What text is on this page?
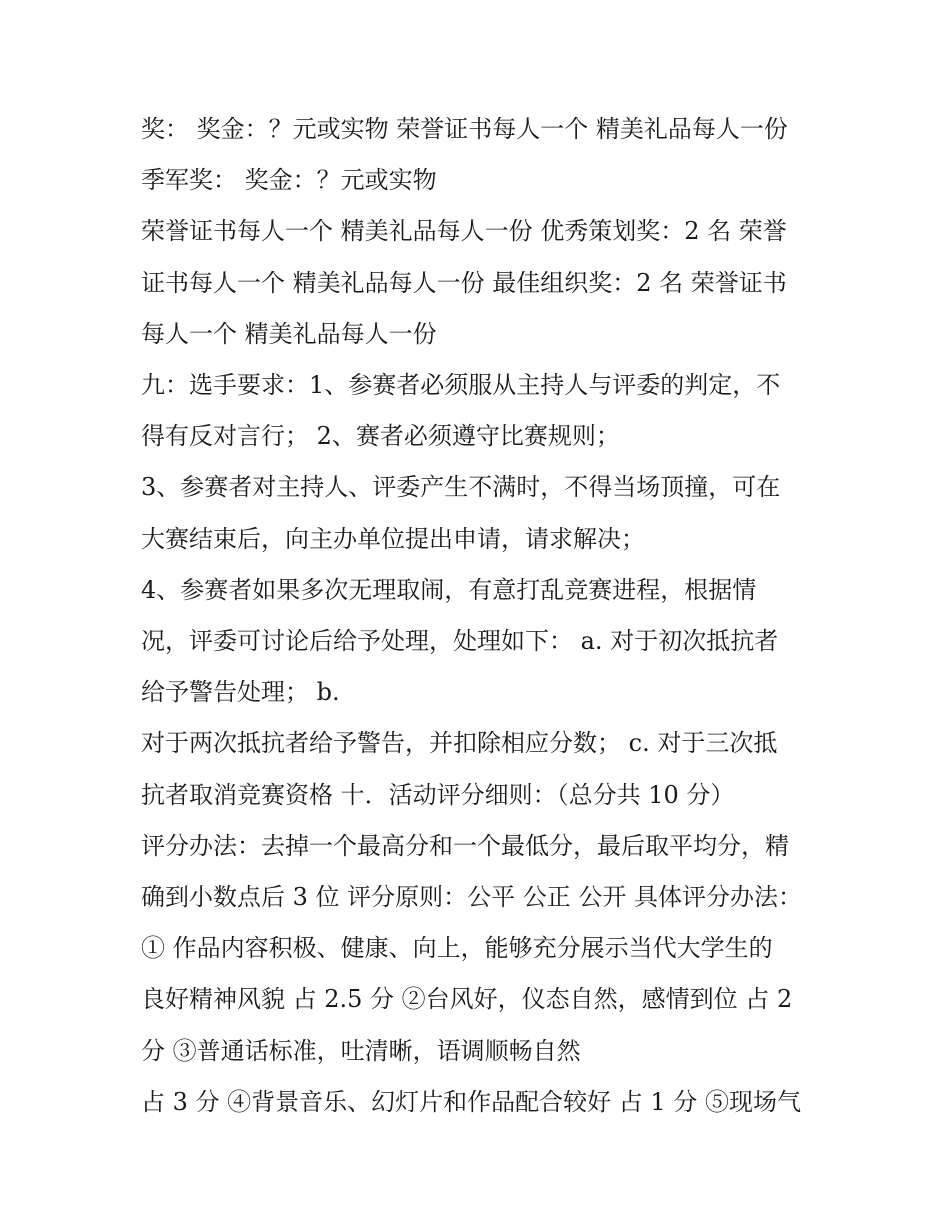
奖： 奖金：？元或实物 荣誉证书每人一个 精美礼品每人一份

季军奖： 奖金：？元或实物

荣誉证书每人一个 精美礼品每人一份 优秀策划奖：2 名 荣誉

证书每人一个 精美礼品每人一份 最佳组织奖：2 名 荣誉证书

每人一个 精美礼品每人一份

九：选手要求：1、参赛者必须服从主持人与评委的判定，不

得有反对言行； 2、赛者必须遵守比赛规则；

3、参赛者对主持人、评委产生不满时，不得当场顶撞，可在

大赛结束后，向主办单位提出申请，请求解决；

4、参赛者如果多次无理取闹，有意打乱竞赛进程，根据情

况，评委可讨论后给予处理，处理如下： a. 对于初次抵抗者

给予警告处理； b.

对于两次抵抗者给予警告，并扣除相应分数； c. 对于三次抵

抗者取消竞赛资格 十．活动评分细则：（总分共 10 分）

评分办法：去掉一个最高分和一个最低分，最后取平均分，精

确到小数点后 3 位 评分原则：公平 公正 公开 具体评分办法：

① 作品内容积极、健康、向上，能够充分展示当代大学生的

良好精神风貌 占 2.5 分 ②台风好，仪态自然，感情到位 占 2

分 ③普通话标准，吐清晰，语调顺畅自然

占 3 分 ④背景音乐、幻灯片和作品配合较好 占 1 分 ⑤现场气
